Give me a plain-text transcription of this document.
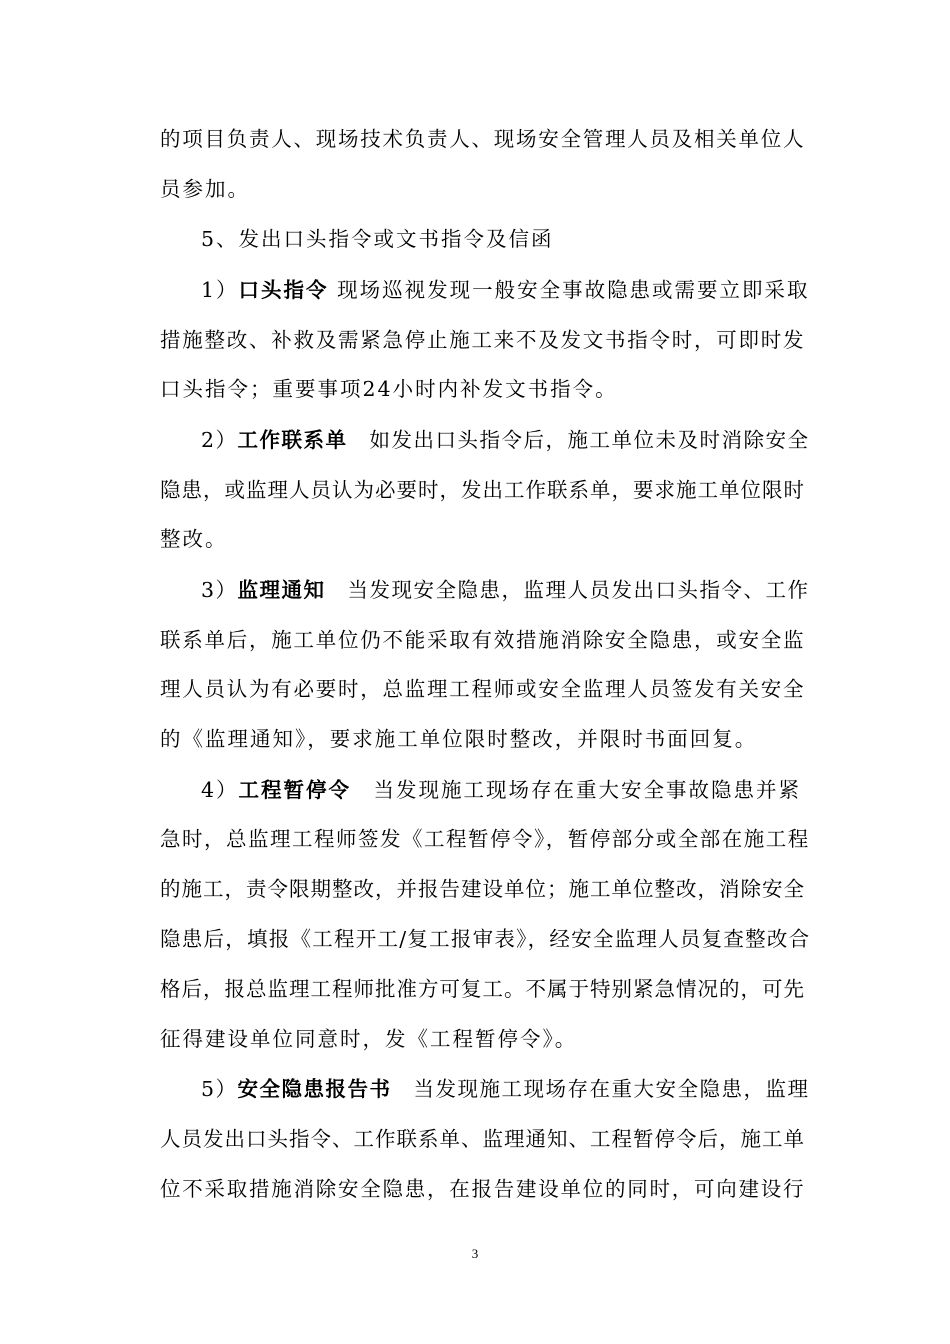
的项目负责人、现场技术负责人、现场安全管理人员及相关单位人
员参加。
5、发出口头指令或文书指令及信函
1）口头指令 现场巡视发现一般安全事故隐患或需要立即采取
措施整改、补救及需紧急停止施工来不及发文书指令时，可即时发
口头指令；重要事项24小时内补发文书指令。
2）工作联系单　如发出口头指令后，施工单位未及时消除安全
隐患，或监理人员认为必要时，发出工作联系单，要求施工单位限时
整改。
3）监理通知　当发现安全隐患，监理人员发出口头指令、工作
联系单后，施工单位仍不能采取有效措施消除安全隐患，或安全监
理人员认为有必要时，总监理工程师或安全监理人员签发有关安全
的《监理通知》，要求施工单位限时整改，并限时书面回复。
4）工程暂停令　当发现施工现场存在重大安全事故隐患并紧
急时，总监理工程师签发《工程暂停令》，暂停部分或全部在施工程
的施工，责令限期整改，并报告建设单位；施工单位整改，消除安全
隐患后，填报《工程开工/复工报审表》，经安全监理人员复查整改合
格后，报总监理工程师批准方可复工。不属于特别紧急情况的，可先
征得建设单位同意时，发《工程暂停令》。
5）安全隐患报告书　当发现施工现场存在重大安全隐患，监理
人员发出口头指令、工作联系单、监理通知、工程暂停令后，施工单
位不采取措施消除安全隐患，在报告建设单位的同时，可向建设行
3
